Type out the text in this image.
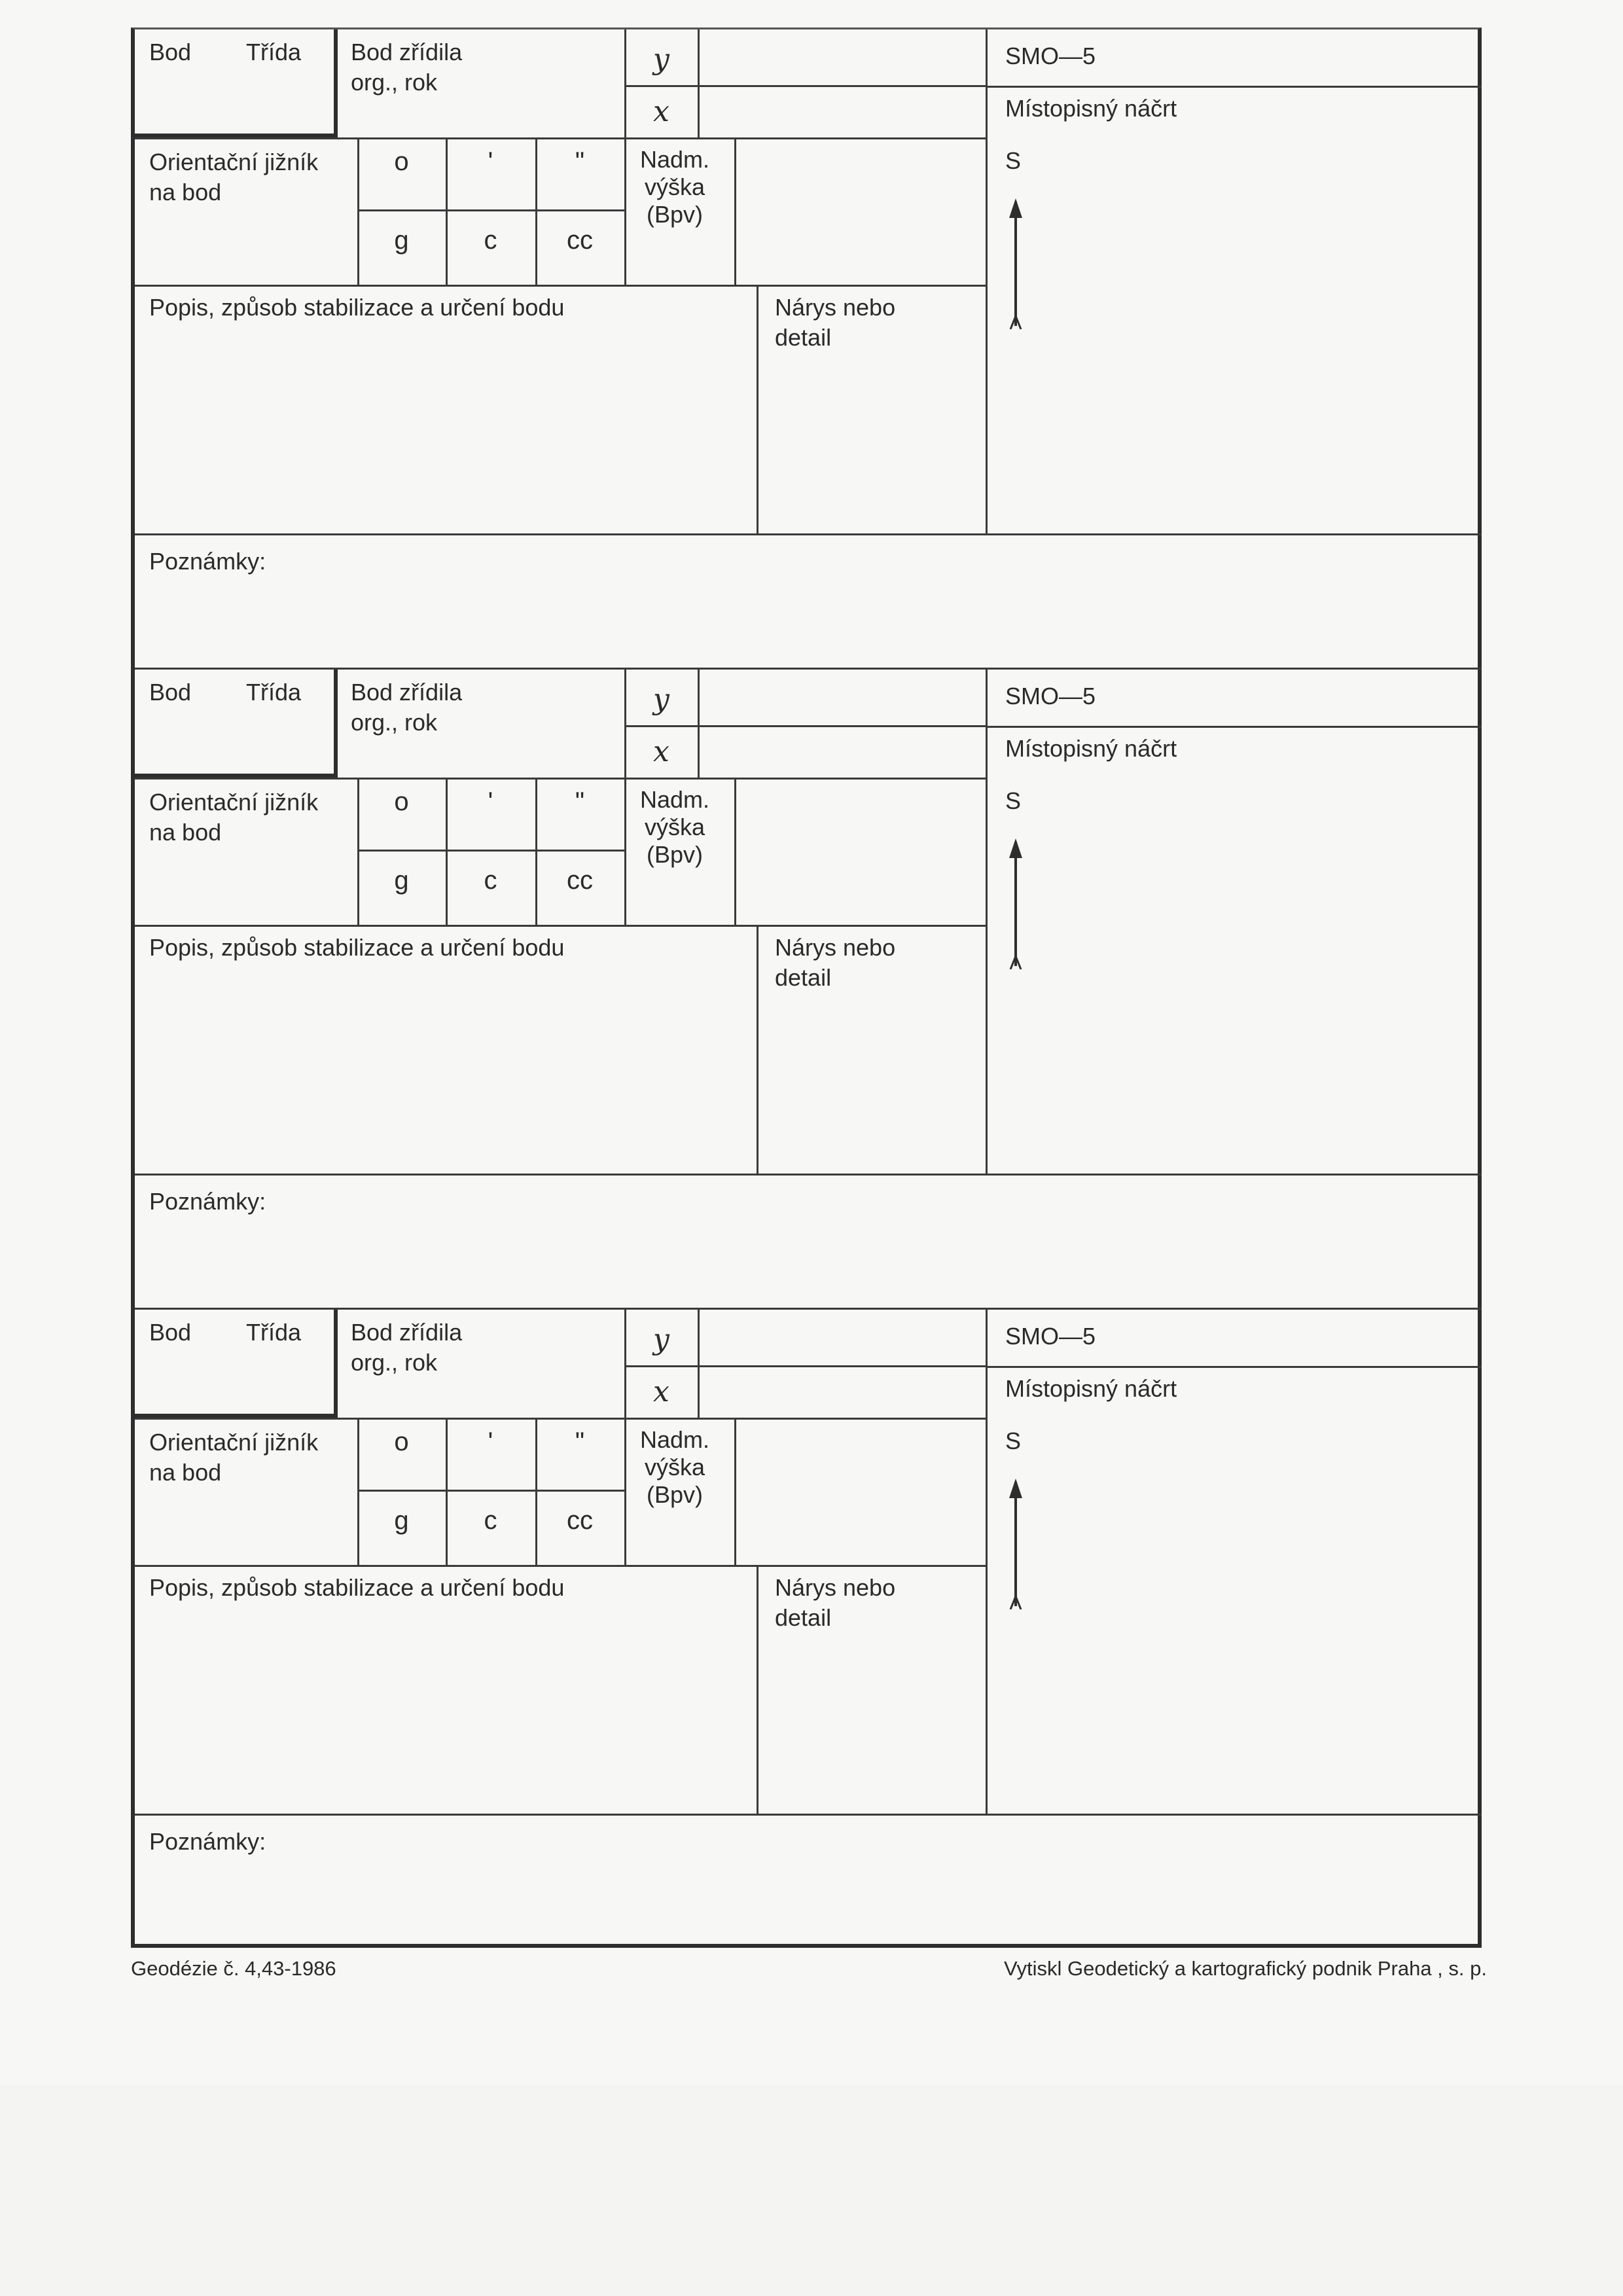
Bod Třída Bod zřídila
org., rok
y
x
SMO—5
Místopisný náčrt
Orientační jižník
na bod
o	'	"
g	c	cc
Nadm.
výška
(Bpv)
S
Popis, způsob stabilizace a určení bodu	Nárys nebo
detail
Poznámky:
Bod Třída Bod zřídila
org., rok
y
x
SMO—5
Místopisný náčrt
Orientační jižník
na bod
o	'	"
g	c	cc
Nadm.
výška
(Bpv)
S
Popis, způsob stabilizace a určení bodu	Nárys nebo
detail
Poznámky:
Bod Třída Bod zřídila
org., rok
y
x
SMO—5
Místopisný náčrt
Orientační jižník
na bod
o	'	"
g	c	cc
Nadm.
výška
(Bpv)
S
Popis, způsob stabilizace a určení bodu	Nárys nebo
detail
Poznámky:
Geodézie č. 4,43-1986	Vytiskl Geodetický a kartografický podnik Praha , s. p.
